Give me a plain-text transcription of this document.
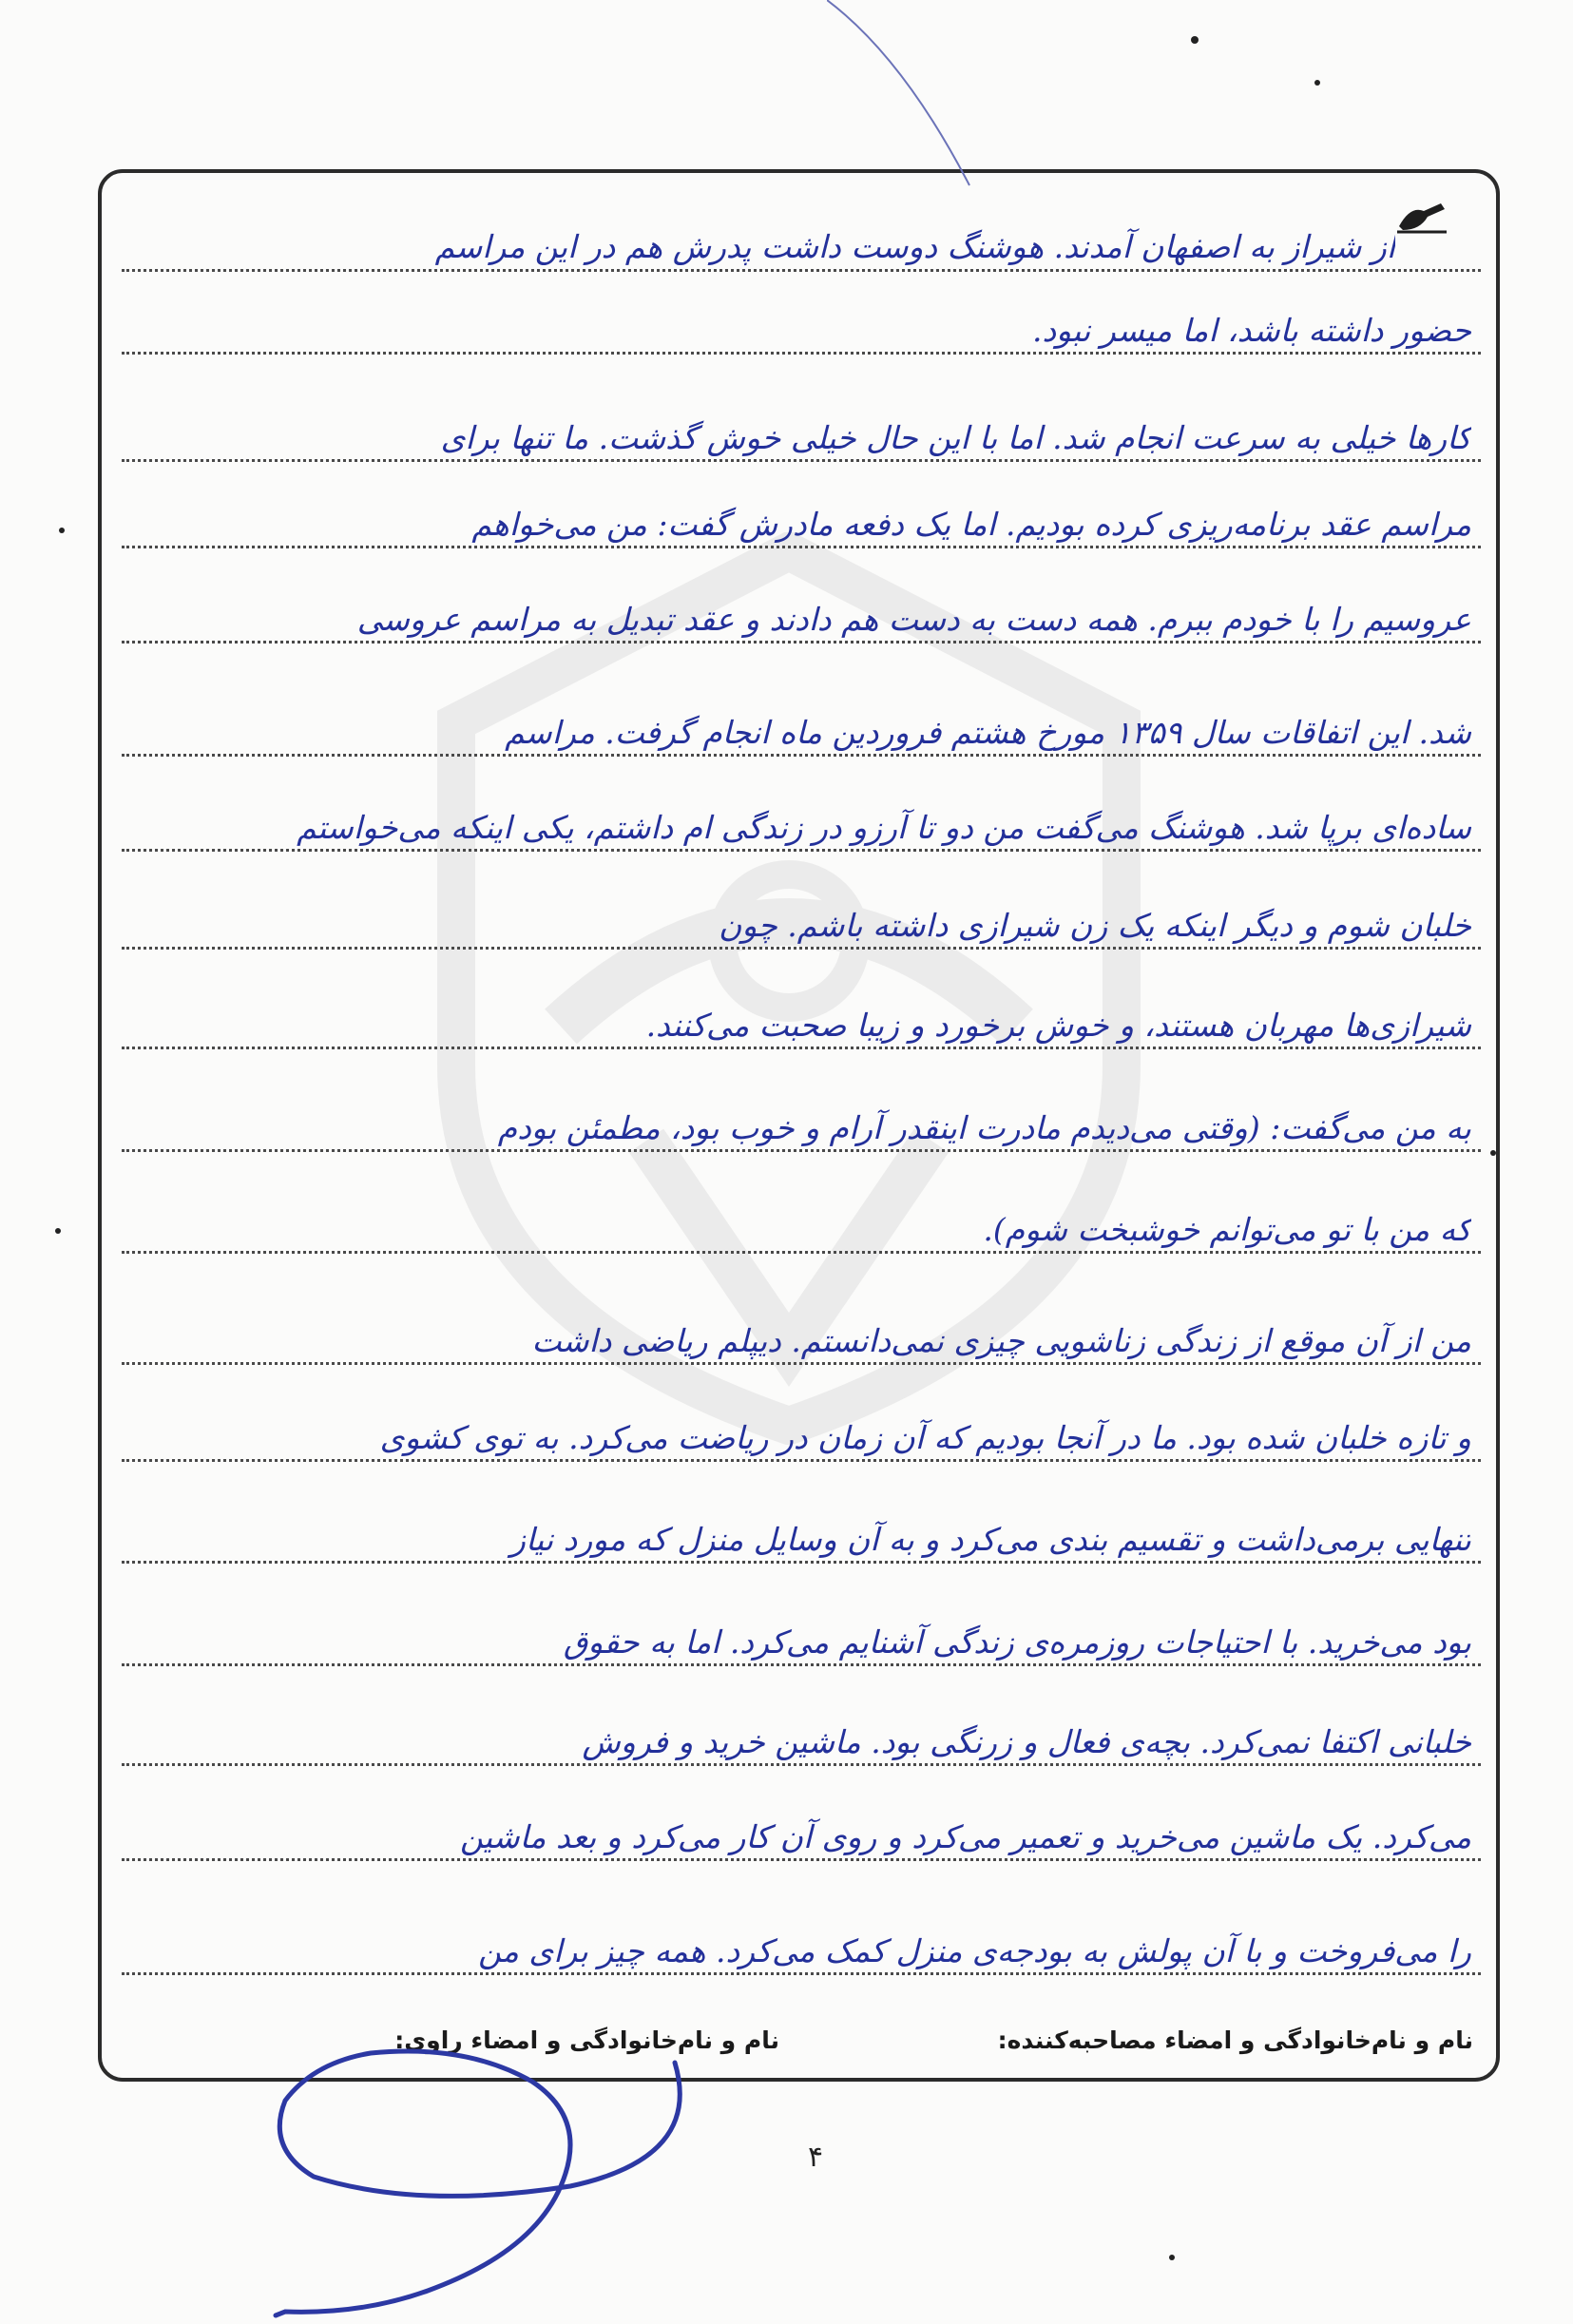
از شیراز به اصفهان آمدند. هوشنگ دوست داشت پدرش هم در این مراسم
حضور داشته باشد، اما میسر نبود.
کارها خیلی به سرعت انجام شد. اما با این حال خیلی خوش گذشت. ما تنها برای
مراسم عقد برنامه‌ریزی کرده بودیم. اما یک دفعه مادرش گفت: من می‌خواهم
عروسیم را با خودم ببرم. همه دست به دست هم دادند و عقد تبدیل به مراسم عروسی
شد. این اتفاقات سال ۱۳۵۹ مورخ هشتم فروردین ماه انجام گرفت. مراسم
ساده‌ای برپا شد. هوشنگ می‌گفت من دو تا آرزو در زندگی ام داشتم، یکی اینکه می‌خواستم
خلبان شوم و دیگر اینکه یک زن شیرازی داشته باشم. چون
شیرازی‌ها مهربان هستند، و خوش برخورد و زیبا صحبت می‌کنند.
به من می‌گفت: (وقتی می‌دیدم مادرت اینقدر آرام و خوب بود، مطمئن بودم
که من با تو می‌توانم خوشبخت شوم).
من از آن موقع از زندگی زناشویی چیزی نمی‌دانستم. دیپلم ریاضی داشت
و تازه خلبان شده بود. ما در آنجا بودیم که آن زمان در ریاضت می‌کرد. به توی کشوی
تنهایی برمی‌داشت و تقسیم بندی می‌کرد و به آن وسایل منزل که مورد نیاز
بود می‌خرید. با احتیاجات روزمره‌ی زندگی آشنایم می‌کرد. اما به حقوق
خلبانی اکتفا نمی‌کرد. بچه‌ی فعال و زرنگی بود. ماشین خرید و فروش
می‌کرد. یک ماشین می‌خرید و تعمیر می‌کرد و روی آن کار می‌کرد و بعد ماشین
را می‌فروخت و با آن پولش به بودجه‌ی منزل کمک می‌کرد. همه چیز برای من
نام و نام‌خانوادگی و امضاء مصاحبه‌کننده:
نام و نام‌خانوادگی و امضاء راوی:
۴
